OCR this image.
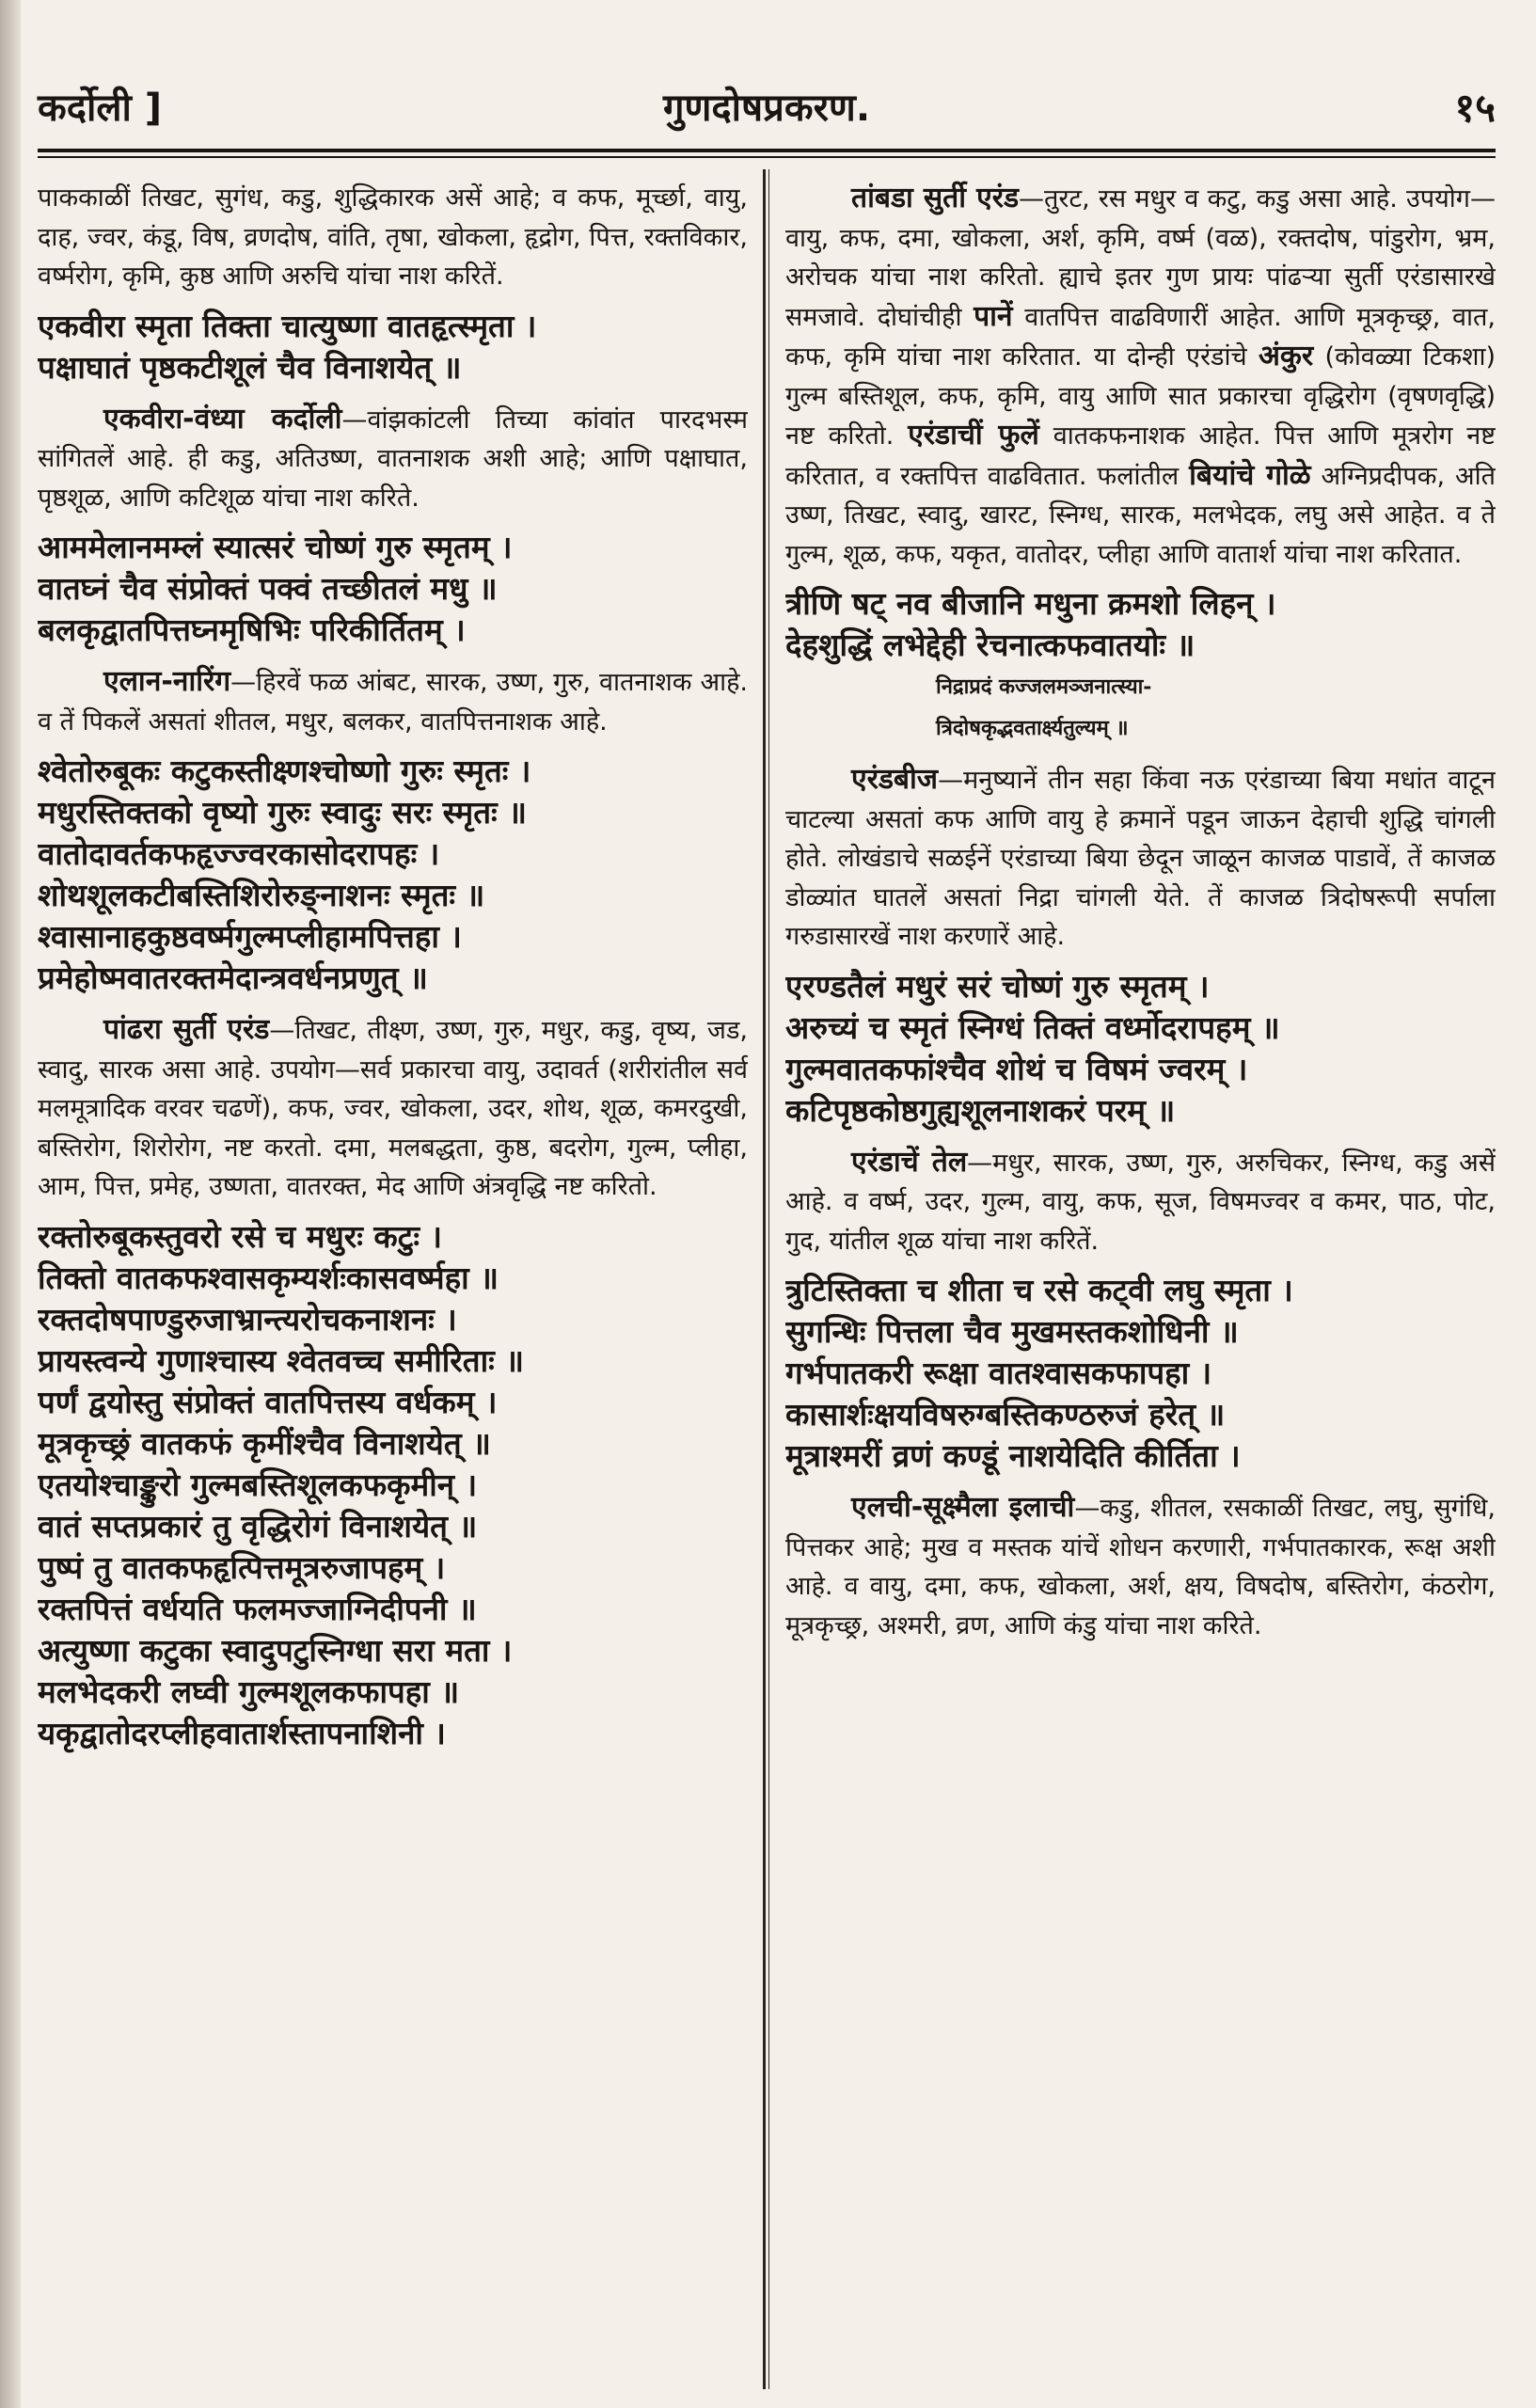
गुणदोषप्रकरण.
कर्दोली ]	१५

पाककाळीं तिखट, सुगंध, कडु, शुद्धिकारक असें आहे; व कफ, मूर्च्छा, वायु, दाह, ज्वर, कंडू, विष, व्रणदोष, वांति, तृषा, खोकला, हृद्रोग, पित्त, रक्तविकार, वर्ष्मरोग, कृमि, कुष्ठ आणि अरुचि यांचा नाश करितें.

एकवीरा स्मृता तिक्ता चात्युष्णा वातहृत्स्मृता ।

पक्षाघातं पृष्ठकटीशूलं चैव विनाशयेत् ॥

एकवीरा-वंध्या कर्दोली—वांझकांटली तिच्या कांवांत पारदभस्म सांगितलें आहे. ही कडु, अतिउष्ण, वातनाशक अशी आहे; आणि पक्षाघात, पृष्ठशूळ, आणि कटिशूळ यांचा नाश करिते.

आममेलानमम्लं स्यात्सरं चोष्णं गुरु स्मृतम् ।

वातघ्नं चैव संप्रोक्तं पक्वं तच्छीतलं मधु ॥

बलकृद्वातपित्तघ्नमृषिभिः परिकीर्तितम् ।

एलान-नारिंग—हिरवें फळ आंबट, सारक, उष्ण, गुरु, वातनाशक आहे. व तें पिकलें असतां शीतल, मधुर, बलकर, वातपित्तनाशक आहे.

श्वेतोरुबूकः कटुकस्तीक्ष्णश्चोष्णो गुरुः स्मृतः ।

मधुरस्तिक्तको वृष्यो गुरुः स्वादुः सरः स्मृतः ॥

वातोदावर्तकफहृज्ज्वरकासोदरापहः ।

शोथशूलकटीबस्तिशिरोरुङ्नाशनः स्मृतः ॥

श्वासानाहकुष्ठवर्ष्मगुल्मप्लीहामपित्तहा ।

प्रमेहोष्मवातरक्तमेदान्त्रवर्धनप्रणुत् ॥

पांढरा सुर्ती एरंड—तिखट, तीक्ष्ण, उष्ण, गुरु, मधुर, कडु, वृष्य, जड, स्वादु, सारक असा आहे. उपयोग—सर्व प्रकारचा वायु, उदावर्त (शरीरांतील सर्व मलमूत्रादिक वरवर चढणें), कफ, ज्वर, खोकला, उदर, शोथ, शूळ, कमरदुखी, बस्तिरोग, शिरोरोग, नष्ट करतो. दमा, मलबद्धता, कुष्ठ, बदरोग, गुल्म, प्लीहा, आम, पित्त, प्रमेह, उष्णता, वातरक्त, मेद आणि अंत्रवृद्धि नष्ट करितो.

रक्तोरुबूकस्तुवरो रसे च मधुरः कटुः ।

तिक्तो वातकफश्वासकृम्यर्शःकासवर्ष्महा ॥

रक्तदोषपाण्डुरुजाभ्रान्त्यरोचकनाशनः ।

प्रायस्त्वन्ये गुणाश्चास्य श्वेतवच्च समीरिताः ॥

पर्णं द्वयोस्तु संप्रोक्तं वातपित्तस्य वर्धकम् ।

मूत्रकृच्छ्रं वातकफं कृमींश्चैव विनाशयेत् ॥

एतयोश्चाङ्कुरो गुल्मबस्तिशूलकफकृमीन् ।

वातं सप्तप्रकारं तु वृद्धिरोगं विनाशयेत् ॥

पुष्पं तु वातकफहृत्पित्तमूत्ररुजापहम् ।

रक्तपित्तं वर्धयति फलमज्जाग्निदीपनी ॥

अत्युष्णा कटुका स्वादुपटुस्निग्धा सरा मता ।

मलभेदकरी लघ्वी गुल्मशूलकफापहा ॥

यकृद्वातोदरप्लीहवातार्शस्तापनाशिनी ।

तांबडा सुर्ती एरंड—तुरट, रस मधुर व कटु, कडु असा आहे. उपयोग—वायु, कफ, दमा, खोकला, अर्श, कृमि, वर्ष्म (वळ), रक्तदोष, पांडुरोग, भ्रम, अरोचक यांचा नाश करितो. ह्याचे इतर गुण प्रायः पांढऱ्या सुर्ती एरंडासारखे समजावे. दोघांचीही पानें वातपित्त वाढविणारीं आहेत. आणि मूत्रकृच्छ्र, वात, कफ, कृमि यांचा नाश करितात. या दोन्ही एरंडांचे अंकुर (कोवळ्या टिकशा) गुल्म बस्तिशूल, कफ, कृमि, वायु आणि सात प्रकारचा वृद्धिरोग (वृषणवृद्धि) नष्ट करितो. एरंडाचीं फुलें वातकफनाशक आहेत. पित्त आणि मूत्ररोग नष्ट करितात, व रक्तपित्त वाढवितात. फलांतील बियांचे गोळे अग्निप्रदीपक, अति उष्ण, तिखट, स्वादु, खारट, स्निग्ध, सारक, मलभेदक, लघु असे आहेत. व ते गुल्म, शूळ, कफ, यकृत, वातोदर, प्लीहा आणि वातार्श यांचा नाश करितात.

त्रीणि षट् नव बीजानि मधुना क्रमशो लिहन् ।

देहशुद्धिं लभेद्देही रेचनात्कफवातयोः ॥

निद्राप्रदं कज्जलमञ्जनात्स्या-

त्रिदोषकृद्भवतार्क्ष्यतुल्यम् ॥

एरंडबीज—मनुष्यानें तीन सहा किंवा नऊ एरंडाच्या बिया मधांत वाटून चाटल्या असतां कफ आणि वायु हे क्रमानें पडून जाऊन देहाची शुद्धि चांगली होते. लोखंडाचे सळईनें एरंडाच्या बिया छेदून जाळून काजळ पाडावें, तें काजळ डोळ्यांत घातलें असतां निद्रा चांगली येते. तें काजळ त्रिदोषरूपी सर्पाला गरुडासारखें नाश करणारें आहे.

एरण्डतैलं मधुरं सरं चोष्णं गुरु स्मृतम् ।

अरुच्यं च स्मृतं स्निग्धं तिक्तं वर्ध्मोदरापहम् ॥

गुल्मवातकफांश्चैव शोथं च विषमं ज्वरम् ।

कटिपृष्ठकोष्ठगुह्यशूलनाशकरं परम् ॥

एरंडाचें तेल—मधुर, सारक, उष्ण, गुरु, अरुचिकर, स्निग्ध, कडु असें आहे. व वर्ष्म, उदर, गुल्म, वायु, कफ, सूज, विषमज्वर व कमर, पाठ, पोट, गुद, यांतील शूळ यांचा नाश करितें.

त्रुटिस्तिक्ता च शीता च रसे कट्वी लघु स्मृता ।

सुगन्धिः पित्तला चैव मुखमस्तकशोधिनी ॥

गर्भपातकरी रूक्षा वातश्वासकफापहा ।

कासार्शःक्षयविषरुग्बस्तिकण्ठरुजं हरेत् ॥

मूत्राश्मरीं व्रणं कण्डूं नाशयेदिति कीर्तिता ।

एलची-सूक्ष्मैला इलाची—कडु, शीतल, रसकाळीं तिखट, लघु, सुगंधि, पित्तकर आहे; मुख व मस्तक यांचें शोधन करणारी, गर्भपातकारक, रूक्ष अशी आहे. व वायु, दमा, कफ, खोकला, अर्श, क्षय, विषदोष, बस्तिरोग, कंठरोग, मूत्रकृच्छ्र, अश्मरी, व्रण, आणि कंडु यांचा नाश करिते.
